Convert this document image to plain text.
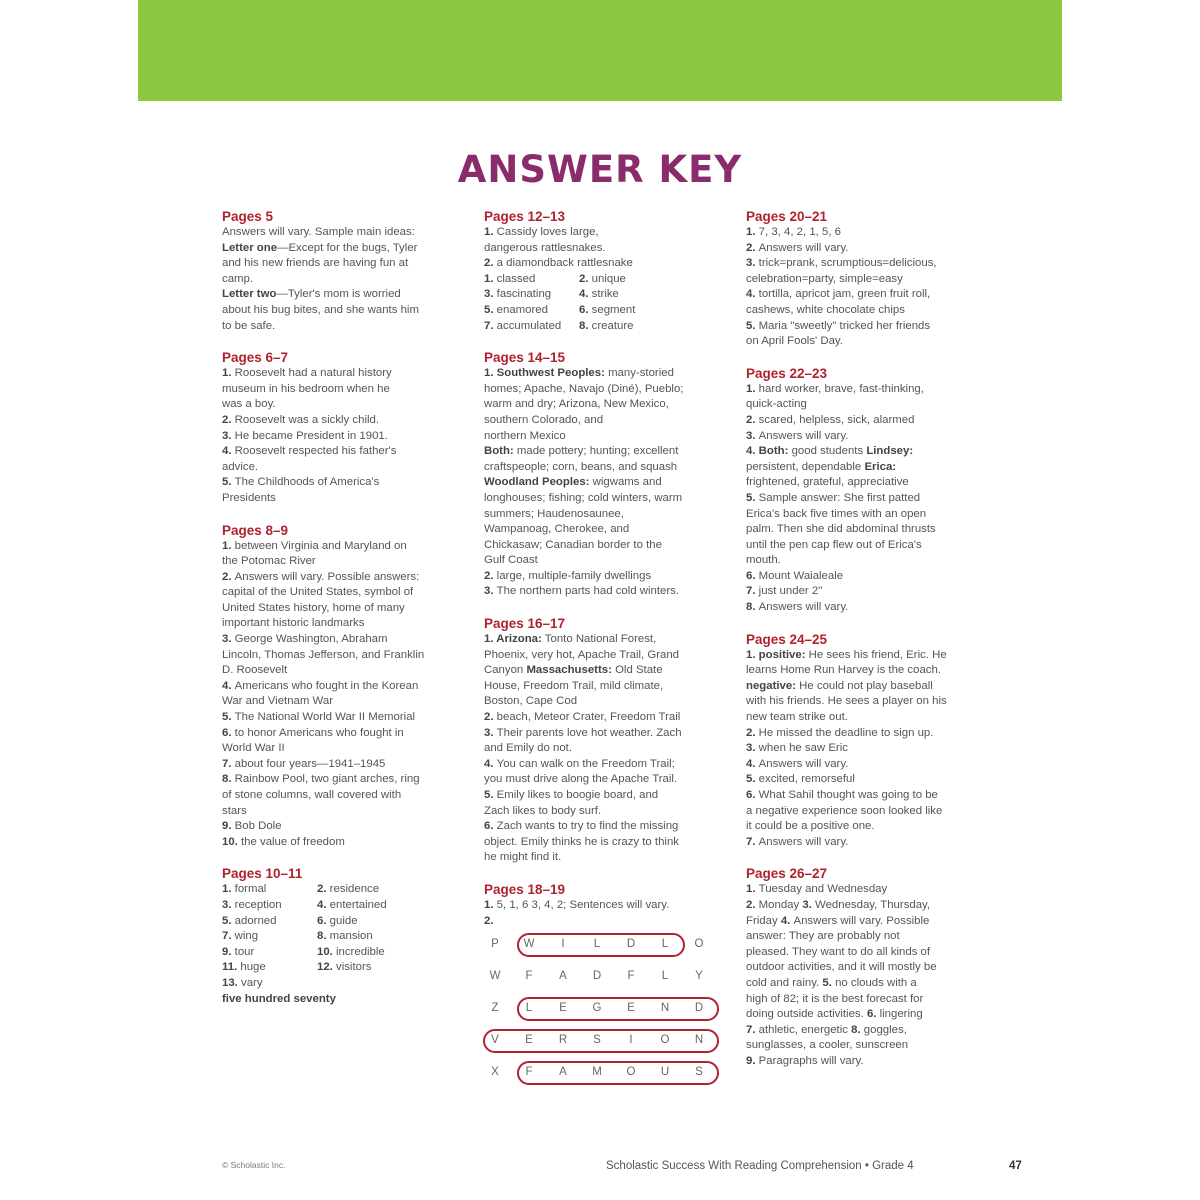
ANSWER KEY
Pages 5
Answers will vary. Sample main ideas:
Letter one—Except for the bugs, Tyler
and his new friends are having fun at
camp.
Letter two—Tyler's mom is worried
about his bug bites, and she wants him
to be safe.
Pages 6–7
1. Roosevelt had a natural history
museum in his bedroom when he
was a boy.
2. Roosevelt was a sickly child.
3. He became President in 1901.
4. Roosevelt respected his father's
advice.
5. The Childhoods of America's
Presidents
Pages 8–9
1. between Virginia and Maryland on
the Potomac River
2. Answers will vary. Possible answers:
capital of the United States, symbol of
United States history, home of many
important historic landmarks
3. George Washington, Abraham
Lincoln, Thomas Jefferson, and Franklin
D. Roosevelt
4. Americans who fought in the Korean
War and Vietnam War
5. The National World War II Memorial
6. to honor Americans who fought in
World War II
7. about four years—1941–1945
8. Rainbow Pool, two giant arches, ring
of stone columns, wall covered with
stars
9. Bob Dole
10. the value of freedom
Pages 10–11
1. formal	2. residence
3. reception	4. entertained
5. adorned	6. guide
7. wing	8. mansion
9. tour	10. incredible
11. huge	12. visitors
13. vary
five hundred seventy
Pages 12–13
1. Cassidy loves large,
dangerous rattlesnakes.
2. a diamondback rattlesnake
1. classed	2. unique
3. fascinating 4. strike
5. enamored	6. segment
7. accumulated 8. creature
Pages 14–15
1. Southwest Peoples: many-storied
homes; Apache, Navajo (Diné), Pueblo;
warm and dry; Arizona, New Mexico,
southern Colorado, and
northern Mexico
Both: made pottery; hunting; excellent
craftspeople; corn, beans, and squash
Woodland Peoples: wigwams and
longhouses; fishing; cold winters, warm
summers; Haudenosaunee,
Wampanoag, Cherokee, and
Chickasaw; Canadian border to the
Gulf Coast
2. large, multiple-family dwellings
3. The northern parts had cold winters.
Pages 16–17
1. Arizona: Tonto National Forest,
Phoenix, very hot, Apache Trail, Grand
Canyon Massachusetts: Old State
House, Freedom Trail, mild climate,
Boston, Cape Cod
2. beach, Meteor Crater, Freedom Trail
3. Their parents love hot weather. Zach
and Emily do not.
4. You can walk on the Freedom Trail;
you must drive along the Apache Trail.
5. Emily likes to boogie board, and
Zach likes to body surf.
6. Zach wants to try to find the missing
object. Emily thinks he is crazy to think
he might find it.
Pages 18–19
1. 5, 1, 6 3, 4, 2; Sentences will vary.
2.
P	W	I	L	D	L	O
W	F	A	D	F	L	Y
Z	L	E	G	E	N	D
V	E	R	S	I	O	N
X	F	A	M	O	U	S
Pages 20–21
1. 7, 3, 4, 2, 1, 5, 6
2. Answers will vary.
3. trick=prank, scrumptious=delicious,
celebration=party, simple=easy
4. tortilla, apricot jam, green fruit roll,
cashews, white chocolate chips
5. Maria "sweetly" tricked her friends
on April Fools' Day.
Pages 22–23
1. hard worker, brave, fast-thinking,
quick-acting
2. scared, helpless, sick, alarmed
3. Answers will vary.
4. Both: good students Lindsey:
persistent, dependable Erica:
frightened, grateful, appreciative
5. Sample answer: She first patted
Erica's back five times with an open
palm. Then she did abdominal thrusts
until the pen cap flew out of Erica's
mouth.
6. Mount Waialeale
7. just under 2"
8. Answers will vary.
Pages 24–25
1. positive: He sees his friend, Eric. He
learns Home Run Harvey is the coach.
negative: He could not play baseball
with his friends. He sees a player on his
new team strike out.
2. He missed the deadline to sign up.
3. when he saw Eric
4. Answers will vary.
5. excited, remorseful
6. What Sahil thought was going to be
a negative experience soon looked like
it could be a positive one.
7. Answers will vary.
Pages 26–27
1. Tuesday and Wednesday
2. Monday 3. Wednesday, Thursday,
Friday 4. Answers will vary. Possible
answer: They are probably not
pleased. They want to do all kinds of
outdoor activities, and it will mostly be
cold and rainy. 5. no clouds with a
high of 82; it is the best forecast for
doing outside activities. 6. lingering
7. athletic, energetic 8. goggles,
sunglasses, a cooler, sunscreen
9. Paragraphs will vary.
© Scholastic Inc.	Scholastic Success With Reading Comprehension • Grade 4	47
